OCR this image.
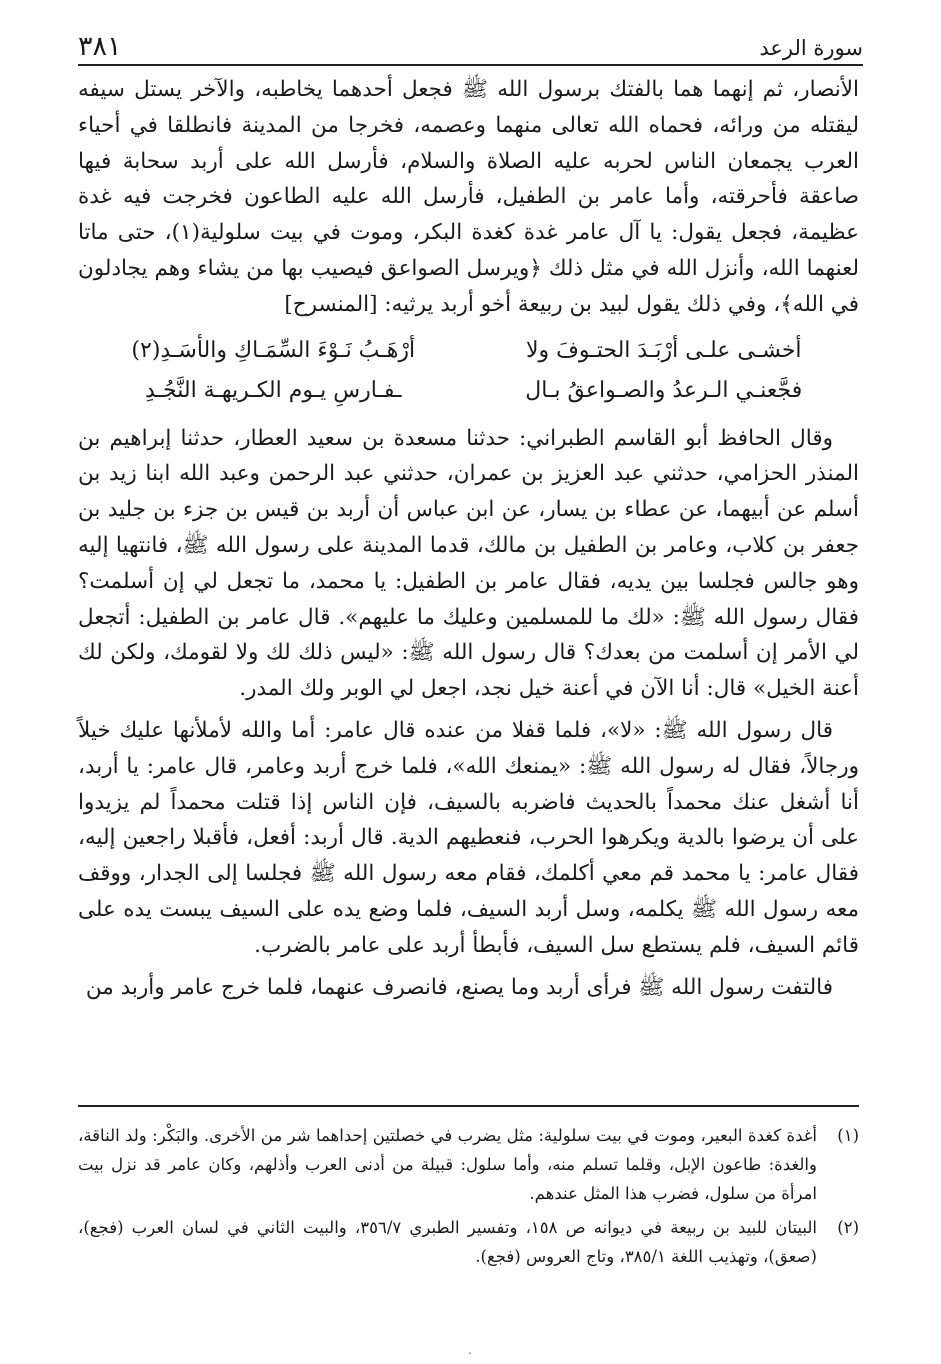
سورة الرعد
٣٨١

الأنصار، ثم إنهما هما بالفتك برسول الله ﷺ فجعل أحدهما يخاطبه، والآخر يستل سيفه ليقتله من ورائه، فحماه الله تعالى منهما وعصمه، فخرجا من المدينة فانطلقا في أحياء العرب يجمعان الناس لحربه عليه الصلاة والسلام، فأرسل الله على أربد سحابة فيها صاعقة فأحرقته، وأما عامر بن الطفيل، فأرسل الله عليه الطاعون فخرجت فيه غدة عظيمة، فجعل يقول: يا آل عامر غدة كغدة البكر، وموت في بيت سلولية(١)، حتى ماتا لعنهما الله، وأنزل الله في مثل ذلك ﴿ويرسل الصواعق فيصيب بها من يشاء وهم يجادلون في الله﴾، وفي ذلك يقول لبيد بن ربيعة أخو أربد يرثيه: [المنسرح]

أخشـى علـى أرْبَـدَ الحتـوفَ ولا
أرْهَـبُ نَـوْءَ السِّمَـاكِ والأسَـدِ(٢)
فجَّعنـي الـرعدُ والصـواعقُ بـال
ـفـارسِ يـوم الكـريهـة النَّجُـدِ

وقال الحافظ أبو القاسم الطبراني: حدثنا مسعدة بن سعيد العطار، حدثنا إبراهيم بن المنذر الحزامي، حدثني عبد العزيز بن عمران، حدثني عبد الرحمن وعبد الله ابنا زيد بن أسلم عن أبيهما، عن عطاء بن يسار، عن ابن عباس أن أربد بن قيس بن جزء بن جليد بن جعفر بن كلاب، وعامر بن الطفيل بن مالك، قدما المدينة على رسول الله ﷺ، فانتهيا إليه وهو جالس فجلسا بين يديه، فقال عامر بن الطفيل: يا محمد، ما تجعل لي إن أسلمت؟ فقال رسول الله ﷺ: «لك ما للمسلمين وعليك ما عليهم». قال عامر بن الطفيل: أتجعل لي الأمر إن أسلمت من بعدك؟ قال رسول الله ﷺ: «ليس ذلك لك ولا لقومك، ولكن لك أعنة الخيل» قال: أنا الآن في أعنة خيل نجد، اجعل لي الوبر ولك المدر.

قال رسول الله ﷺ: «لا»، فلما قفلا من عنده قال عامر: أما والله لأملأنها عليك خيلاً ورجالاً، فقال له رسول الله ﷺ: «يمنعك الله»، فلما خرج أربد وعامر، قال عامر: يا أربد، أنا أشغل عنك محمداً بالحديث فاضربه بالسيف، فإن الناس إذا قتلت محمداً لم يزيدوا على أن يرضوا بالدية ويكرهوا الحرب، فنعطيهم الدية. قال أربد: أفعل، فأقبلا راجعين إليه، فقال عامر: يا محمد قم معي أكلمك، فقام معه رسول الله ﷺ فجلسا إلى الجدار، ووقف معه رسول الله ﷺ يكلمه، وسل أربد السيف، فلما وضع يده على السيف يبست يده على قائم السيف، فلم يستطع سل السيف، فأبطأ أربد على عامر بالضرب.

فالتفت رسول الله ﷺ فرأى أربد وما يصنع، فانصرف عنهما، فلما خرج عامر وأربد من

(١)
أغدة كغدة البعير، وموت في بيت سلولية: مثل يضرب في خصلتين إحداهما شر من الأخرى. والبَكْر: ولد الناقة، والغدة: طاعون الإبل، وقلما تسلم منه، وأما سلول: قبيلة من أدنى العرب وأذلهم، وكان عامر قد نزل بيت امرأة من سلول، فضرب هذا المثل عندهم.
(٢)
البيتان للبيد بن ربيعة في ديوانه ص ١٥٨، وتفسير الطبري ٣٥٦/٧، والبيت الثاني في لسان العرب (فجع)، (صعق)، وتهذيب اللغة ٣٨٥/١، وتاج العروس (فجع).
.
